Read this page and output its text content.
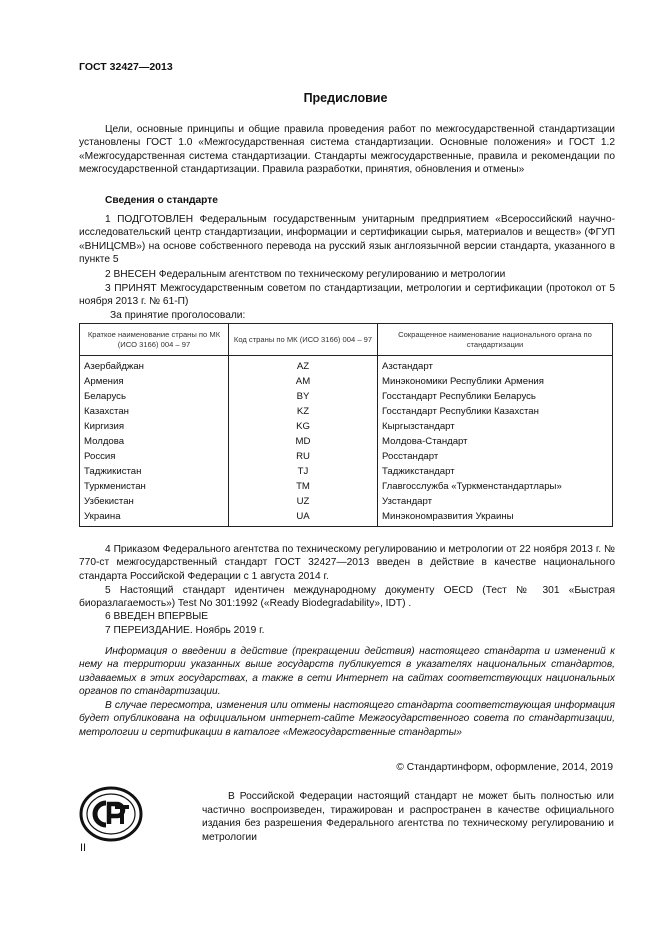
ГОСТ 32427—2013
Предисловие
Цели, основные принципы и общие правила проведения работ по межгосударственной стандартизации установлены ГОСТ 1.0 «Межгосударственная система стандартизации. Основные положения» и ГОСТ 1.2 «Межгосударственная система стандартизации. Стандарты межгосударственные, правила и рекомендации по межгосударственной стандартизации. Правила разработки, принятия, обновления и отмены»
Сведения о стандарте
1 ПОДГОТОВЛЕН Федеральным государственным унитарным предприятием «Всероссийский научно-исследовательский центр стандартизации, информации и сертификации сырья, материалов и веществ» (ФГУП «ВНИЦСМВ») на основе собственного перевода на русский язык англоязычной версии стандарта, указанного в пункте 5
2 ВНЕСЕН Федеральным агентством по техническому регулированию и метрологии
3 ПРИНЯТ Межгосударственным советом по стандартизации, метрологии и сертификации (протокол от 5 ноября 2013 г. № 61-П)
За принятие проголосовали:
Краткое наименование страны по МК (ИСО 3166) 004 – 97	Код страны по МК (ИСО 3166) 004 – 97	Сокращенное наименование национального органа по стандартизации
Азербайджан	AZ	Азстандарт
Армения	AM	Минэкономики Республики Армения
Беларусь	BY	Госстандарт Республики Беларусь
Казахстан	KZ	Госстандарт Республики Казахстан
Киргизия	KG	Кыргызстандарт
Молдова	MD	Молдова-Стандарт
Россия	RU	Росстандарт
Таджикистан	TJ	Таджикстандарт
Туркменистан	TM	Главгосслужба «Туркменстандартлары»
Узбекистан	UZ	Узстандарт
Украина	UA	Минэкономразвития Украины
4 Приказом Федерального агентства по техническому регулированию и метрологии от 22 ноября 2013 г. № 770-ст межгосударственный стандарт ГОСТ 32427—2013 введен в действие в качестве национального стандарта Российской Федерации с 1 августа 2014 г.
5 Настоящий стандарт идентичен международному документу OECD (Тест № 301 «Быстрая биоразлагаемость») Test No 301:1992 («Ready Biodegradability», IDT) .
6 ВВЕДЕН ВПЕРВЫЕ
7 ПЕРЕИЗДАНИЕ. Ноябрь 2019 г.
Информация о введении в действие (прекращении действия) настоящего стандарта и изменений к нему на территории указанных выше государств публикуется в указателях национальных стандартов, издаваемых в этих государствах, а также в сети Интернет на сайтах соответствующих национальных органов по стандартизации.
В случае пересмотра, изменения или отмены настоящего стандарта соответствующая информация будет опубликована на официальном интернет-сайте Межгосударственного совета по стандартизации, метрологии и сертификации в каталоге «Межгосударственные стандарты»
© Стандартинформ, оформление, 2014, 2019
В Российской Федерации настоящий стандарт не может быть полностью или частично воспроизведен, тиражирован и распространен в качестве официального издания без разрешения Федерального агентства по техническому регулированию и метрологии
II
